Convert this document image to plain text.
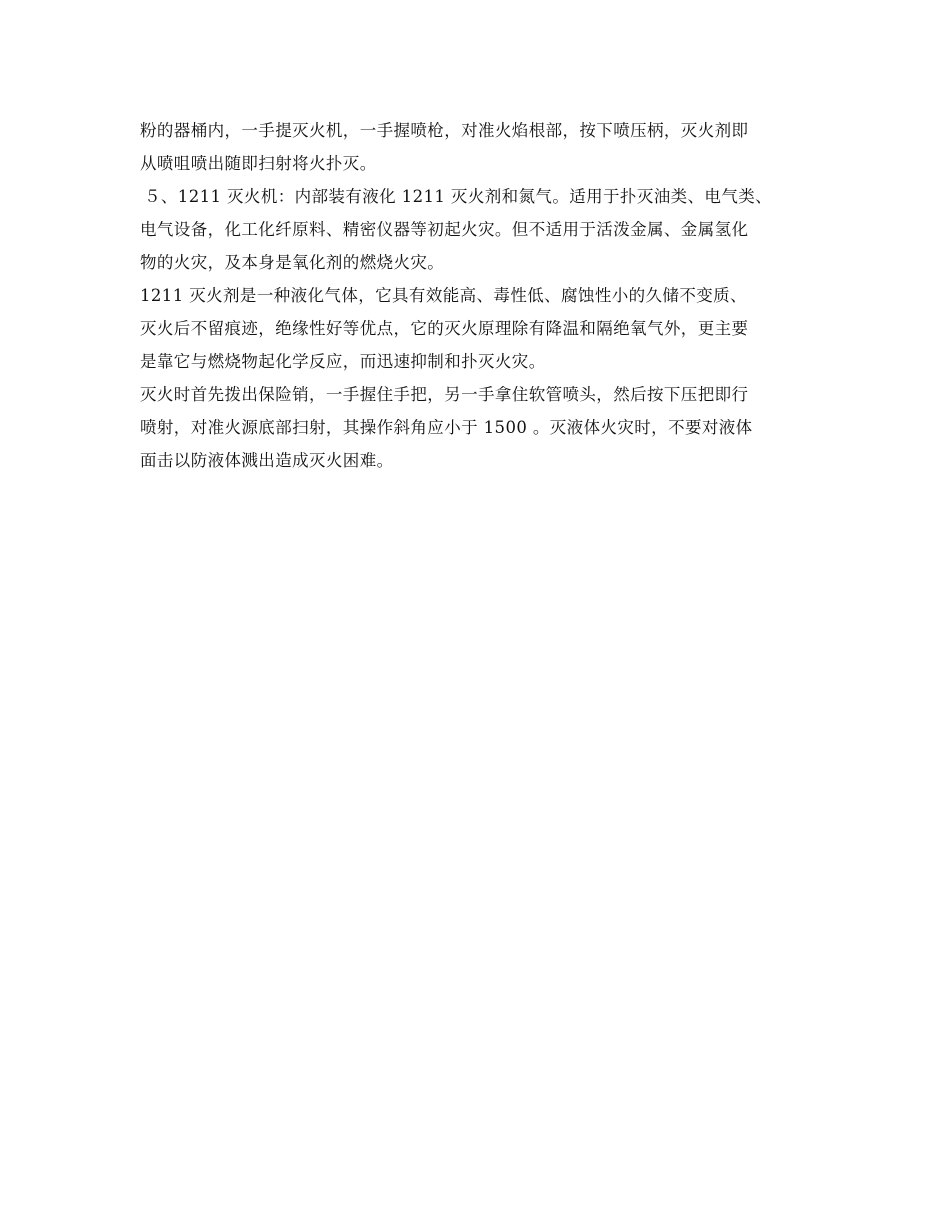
粉的器桶内，一手提灭火机，一手握喷枪，对准火焰根部，按下喷压柄，灭火剂即
从喷咀喷出随即扫射将火扑灭。
５、1211 灭火机：内部装有液化 1211 灭火剂和氮气。适用于扑灭油类、电气类、
电气设备，化工化纤原料、精密仪器等初起火灾。但不适用于活泼金属、金属氢化
物的火灾，及本身是氧化剂的燃烧火灾。
1211 灭火剂是一种液化气体，它具有效能高、毒性低、腐蚀性小的久储不变质、
灭火后不留痕迹，绝缘性好等优点，它的灭火原理除有降温和隔绝氧气外，更主要
是靠它与燃烧物起化学反应，而迅速抑制和扑灭火灾。
灭火时首先拨出保险销，一手握住手把，另一手拿住软管喷头，然后按下压把即行
喷射，对准火源底部扫射，其操作斜角应小于 1500 。灭液体火灾时，不要对液体
面击以防液体溅出造成灭火困难。
